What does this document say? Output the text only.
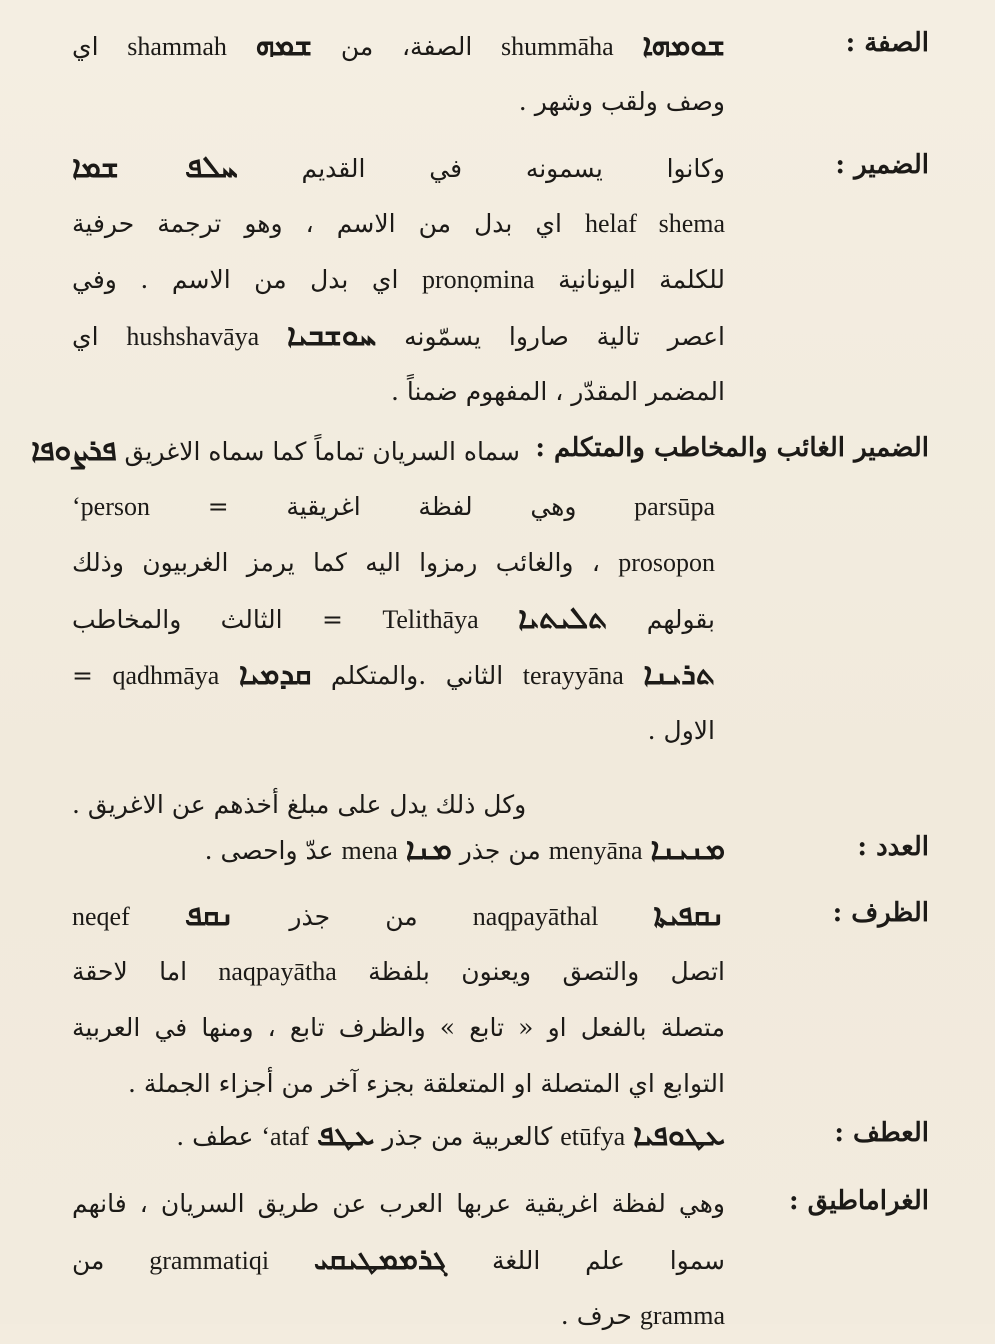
الصفة :
ܫܘܡܗܐ shummāha الصفة، من ܫܡܗ shammah اي
وصف ولقب وشهر .
الضمير :
وكانوا يسمونه في القديم ܚܠܦ ܫܡܐ
helaf shema اي بدل من الاسم ، وهو ترجمة حرفية
للكلمة اليونانية pronọmina اي بدل من الاسم . وفي
اعصر تالية صاروا يسمّونه ܚܘܫܒܝܐ hushshavāya اي
المضمر المقدّر ، المفهوم ضمناً .
الضمير الغائب والمخاطب والمتكلم :
سماه السريان تماماً كما سماه الاغريق ܦܪܨܘܦܐ
parsūpa وهي لفظة اغريقية = ‘person
prosopon ، والغائب رمزوا اليه كما يرمز الغربيون وذلك
بقولهم ܬܠܝܬܝܐ Telithāya = الثالث والمخاطب
ܬܪܝܢܐ terayyāna الثاني .والمتكلم ܩܕܡܝܐ qadhmāya =
الاول .
وكل ذلك يدل على مبلغ أخذهم عن الاغريق .
العدد :
ܡܢܝܢܐ menyāna من جذر ܡܢܐ mena عدّ واحصى .
الظرف :
ܢܩܦܝܬܐ naqpayāthal من جذر ܢܩܦ neqef
اتصل والتصق ويعنون بلفظة naqpayātha اما لاحقة
متصلة بالفعل او « تابع » والظرف تابع ، ومنها في العربية
التوابع اي المتصلة او المتعلقة بجزء آخر من أجزاء الجملة .
العطف :
ܥܛܘܦܝܐ etūfya كالعربية من جذر ܥܛܦ ‘ataf عطف .
الغراماطيق :
وهي لفظة اغريقية عربها العرب عن طريق السريان ، فانهم
سموا علم اللغة ܓܪܡܡܛܝܩܝ grammatiqi من
gramma حرف .
